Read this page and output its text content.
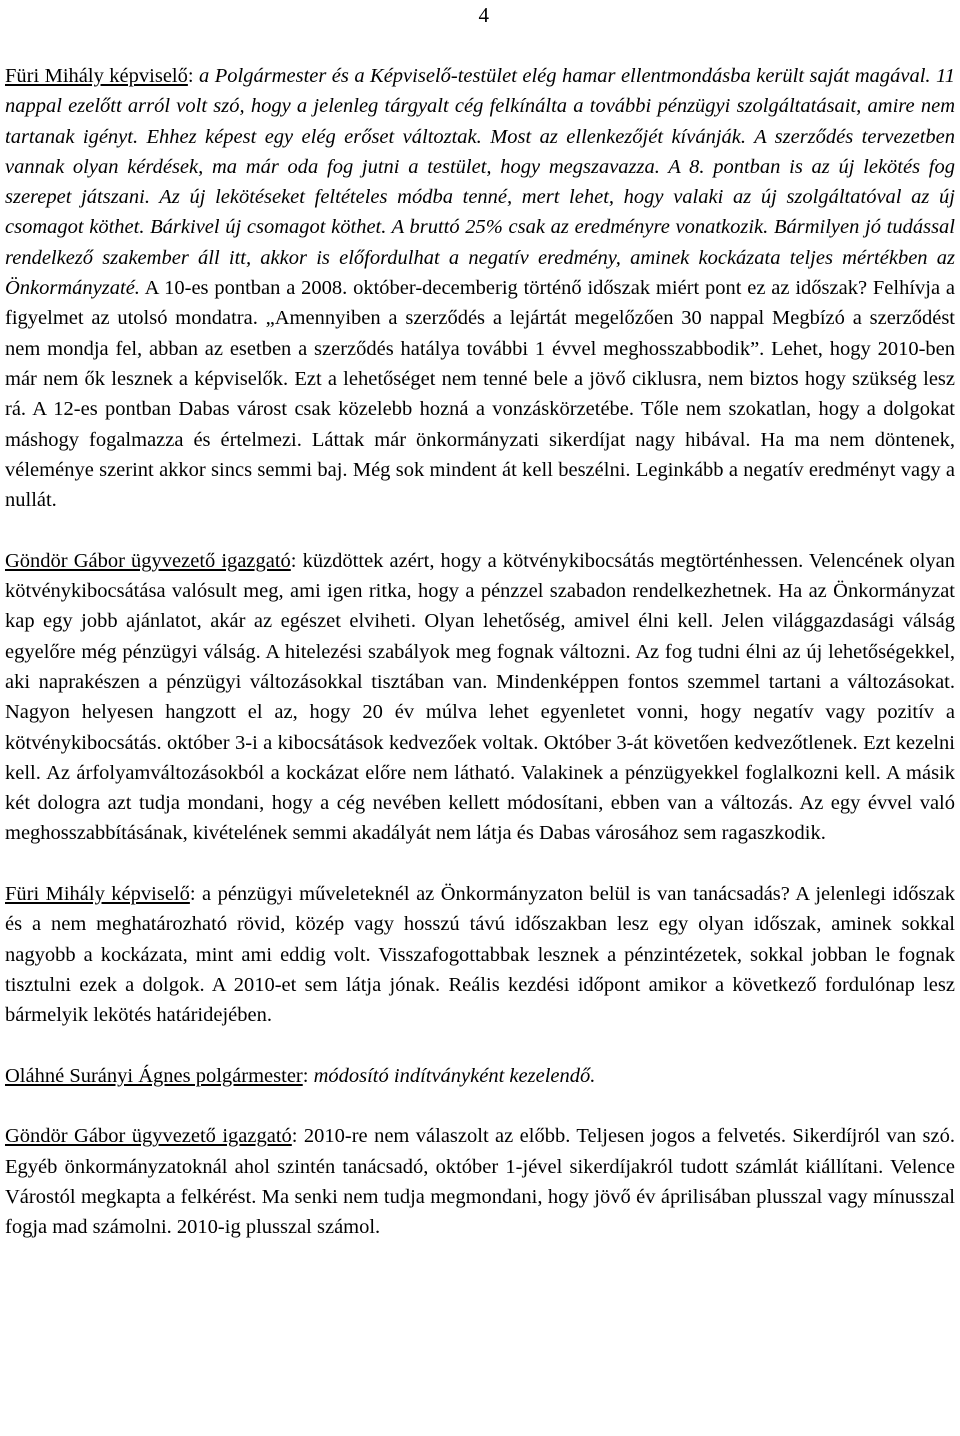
4

Füri Mihály képviselő: a Polgármester és a Képviselő-testület elég hamar ellentmondásba került saját magával. 11 nappal ezelőtt arról volt szó, hogy a jelenleg tárgyalt cég felkínálta a további pénzügyi szolgáltatásait, amire nem tartanak igényt. Ehhez képest egy elég erőset változtak. Most az ellenkezőjét kívánják. A szerződés tervezetben vannak olyan kérdések, ma már oda fog jutni a testület, hogy megszavazza. A 8. pontban is az új lekötés fog szerepet játszani. Az új lekötéseket feltételes módba tenné, mert lehet, hogy valaki az új szolgáltatóval az új csomagot köthet. Bárkivel új csomagot köthet. A bruttó 25% csak az eredményre vonatkozik. Bármilyen jó tudással rendelkező szakember áll itt, akkor is előfordulhat a negatív eredmény, aminek kockázata teljes mértékben az Önkormányzaté. A 10-es pontban a 2008. október-decemberig történő időszak miért pont ez az időszak? Felhívja a figyelmet az utolsó mondatra. „Amennyiben a szerződés a lejártát megelőzően 30 nappal Megbízó a szerződést nem mondja fel, abban az esetben a szerződés hatálya további 1 évvel meghosszabbodik”. Lehet, hogy 2010-ben már nem ők lesznek a képviselők. Ezt a lehetőséget nem tenné bele a jövő ciklusra, nem biztos hogy szükség lesz rá. A 12-es pontban Dabas várost csak közelebb hozná a vonzáskörzetébe. Tőle nem szokatlan, hogy a dolgokat máshogy fogalmazza és értelmezi. Láttak már önkormányzati sikerdíjat nagy hibával. Ha ma nem döntenek, véleménye szerint akkor sincs semmi baj. Még sok mindent át kell beszélni. Leginkább a negatív eredményt vagy a nullát.

Göndör Gábor ügyvezető igazgató: küzdöttek azért, hogy a kötvénykibocsátás megtörténhessen. Velencének olyan kötvénykibocsátása valósult meg, ami igen ritka, hogy a pénzzel szabadon rendelkezhetnek. Ha az Önkormányzat kap egy jobb ajánlatot, akár az egészet elviheti. Olyan lehetőség, amivel élni kell. Jelen világgazdasági válság egyelőre még pénzügyi válság. A hitelezési szabályok meg fognak változni. Az fog tudni élni az új lehetőségekkel, aki naprakészen a pénzügyi változásokkal tisztában van. Mindenképpen fontos szemmel tartani a változásokat. Nagyon helyesen hangzott el az, hogy 20 év múlva lehet egyenletet vonni, hogy negatív vagy pozitív a kötvénykibocsátás. október 3-i a kibocsátások kedvezőek voltak. Október 3-át követően kedvezőtlenek. Ezt kezelni kell. Az árfolyamváltozásokból a kockázat előre nem látható. Valakinek a pénzügyekkel foglalkozni kell. A másik két dologra azt tudja mondani, hogy a cég nevében kellett módosítani, ebben van a változás. Az egy évvel való meghosszabbításának, kivételének semmi akadályát nem látja és Dabas városához sem ragaszkodik.

Füri Mihály képviselő: a pénzügyi műveleteknél az Önkormányzaton belül is van tanácsadás? A jelenlegi időszak és a nem meghatározható rövid, közép vagy hosszú távú időszakban lesz egy olyan időszak, aminek sokkal nagyobb a kockázata, mint ami eddig volt. Visszafogottabbak lesznek a pénzintézetek, sokkal jobban le fognak tisztulni ezek a dolgok. A 2010-et sem látja jónak. Reális kezdési időpont amikor a következő fordulónap lesz bármelyik lekötés határidejében.

Oláhné Surányi Ágnes polgármester: módosító indítványként kezelendő.

Göndör Gábor ügyvezető igazgató: 2010-re nem válaszolt az előbb. Teljesen jogos a felvetés. Sikerdíjról van szó. Egyéb önkormányzatoknál ahol szintén tanácsadó, október 1-jével sikerdíjakról tudott számlát kiállítani. Velence Várostól megkapta a felkérést. Ma senki nem tudja megmondani, hogy jövő év áprilisában plusszal vagy mínusszal fogja mad számolni. 2010-ig plusszal számol.
